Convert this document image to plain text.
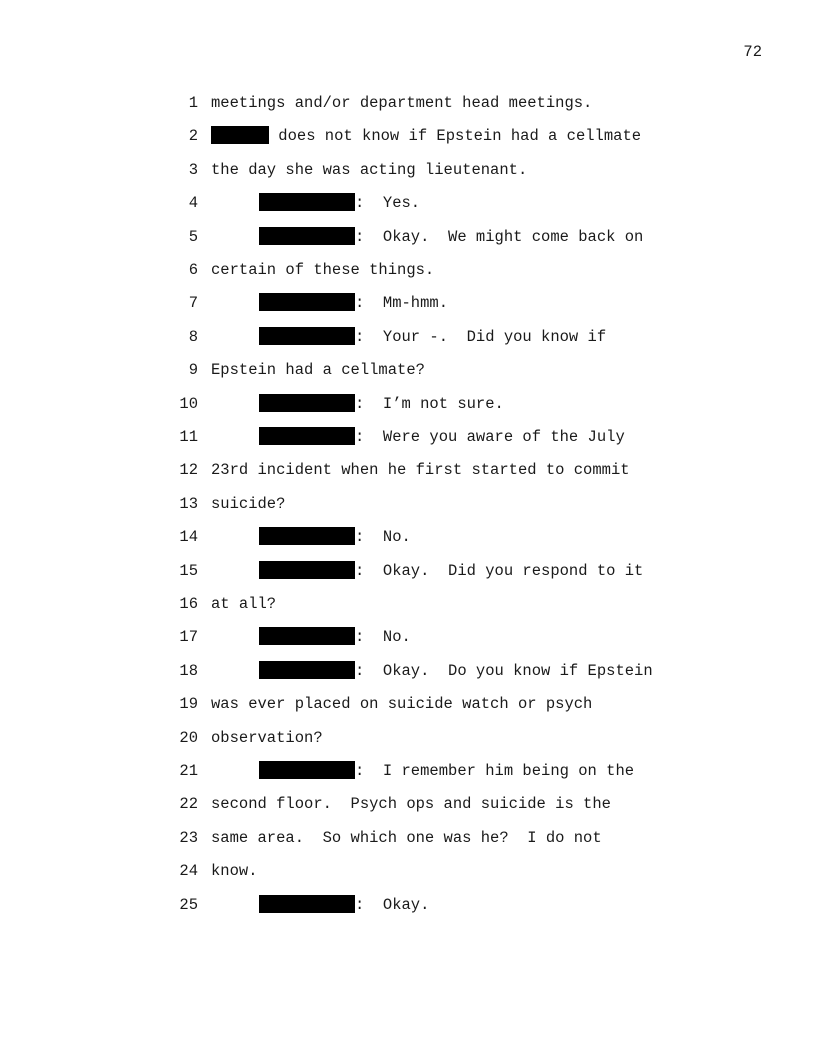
72
1 meetings and/or department head meetings.
2	does not know if Epstein had a cellmate
3 the day she was acting lieutenant.
4	:  Yes.
5	:  Okay.  We might come back on
6 certain of these things.
7	:  Mm-hmm.
8	:  Your -.  Did you know if
9 Epstein had a cellmate?
10	:  I’m not sure.
11	:  Were you aware of the July
12 23rd incident when he first started to commit
13 suicide?
14	:  No.
15	:  Okay.  Did you respond to it
16 at all?
17	:  No.
18	:  Okay.  Do you know if Epstein
19 was ever placed on suicide watch or psych
20 observation?
21	:  I remember him being on the
22 second floor.  Psych ops and suicide is the
23 same area.  So which one was he?  I do not
24 know.
25	:  Okay.
